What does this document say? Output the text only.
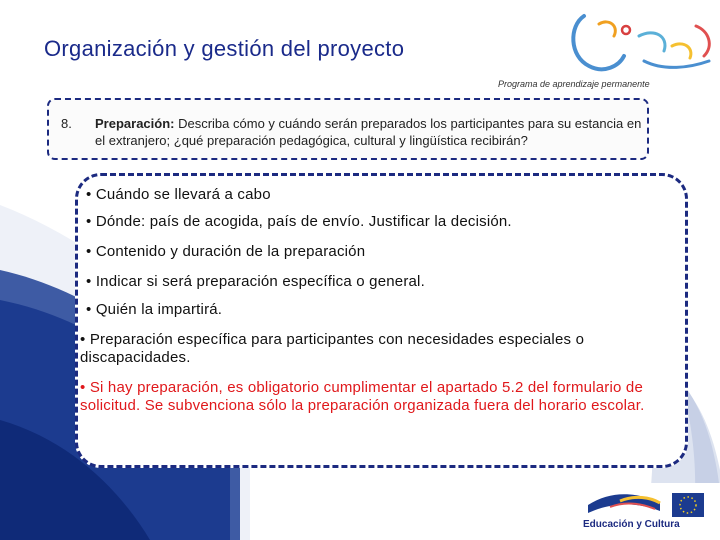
Organización y gestión del proyecto
Programa de aprendizaje permanente
8. Preparación: Describa cómo y cuándo serán preparados los participantes para su estancia en el extranjero; ¿qué preparación pedagógica, cultural y lingüística recibirán?
• Cuándo se llevará a cabo
• Dónde: país de acogida, país de envío. Justificar la decisión.
• Contenido y duración de la preparación
• Indicar si será preparación específica o general.
• Quién la impartirá.
• Preparación específica para participantes con necesidades especiales o discapacidades.
• Si hay preparación, es obligatorio cumplimentar el apartado 5.2 del formulario de solicitud. Se subvenciona sólo la preparación organizada fuera del horario escolar.
Educación y Cultura
